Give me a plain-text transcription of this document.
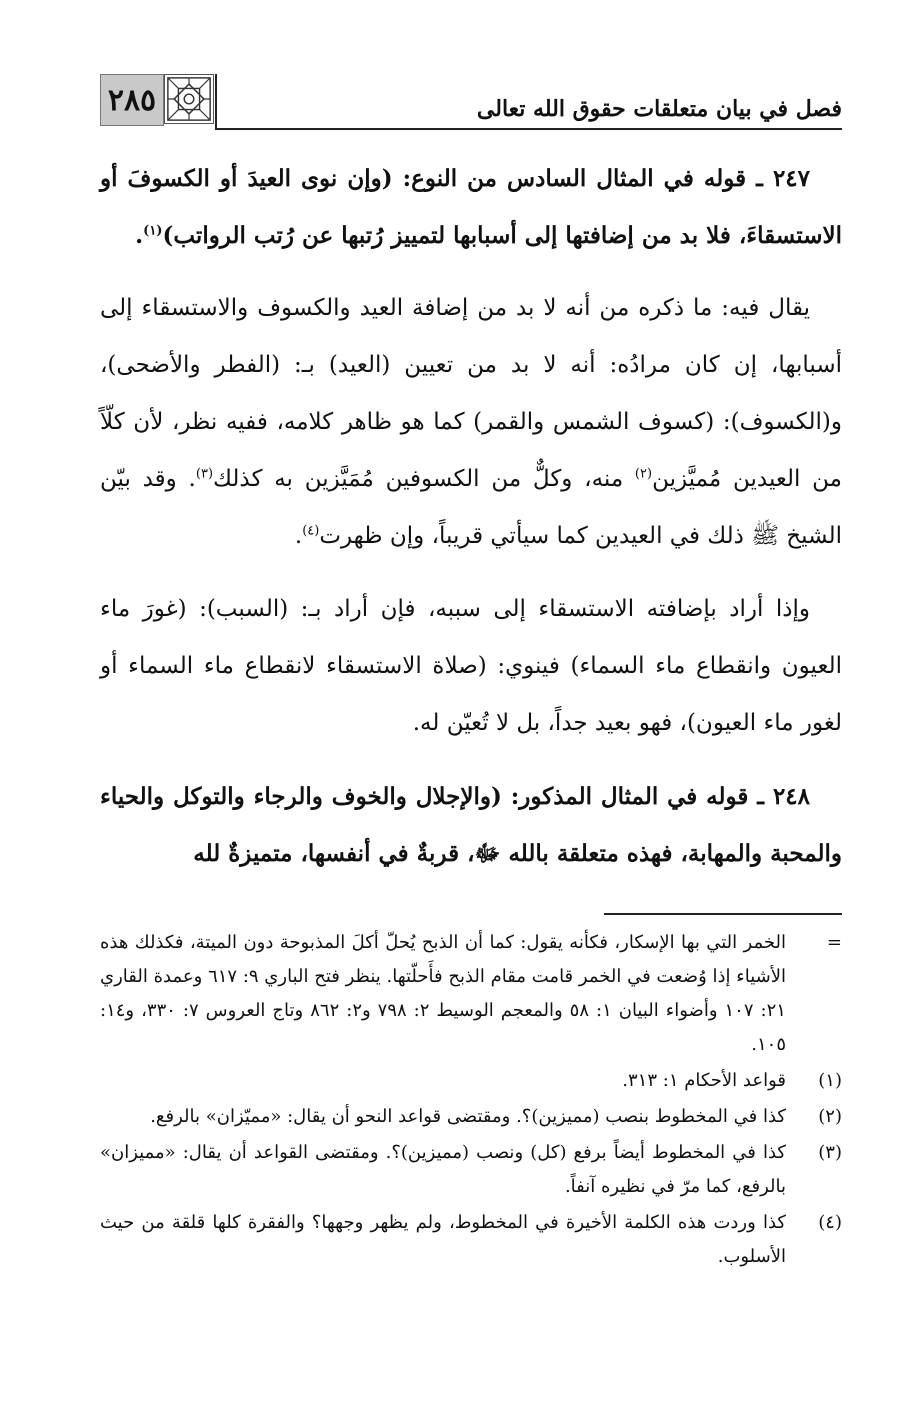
٢٨٥	فصل في بيان متعلقات حقوق الله تعالى

٢٤٧ ـ قوله في المثال السادس من النوع: (وإن نوى العيدَ أو الكسوفَ أو الاستسقاءَ، فلا بد من إضافتها إلى أسبابها لتمييز رُتبها عن رُتب الرواتب)$^{(١)}$.

يقال فيه: ما ذكره من أنه لا بد من إضافة العيد والكسوف والاستسقاء إلى أسبابها، إن كان مرادُه: أنه لا بد من تعيين (العيد) بـ: (الفطر والأضحى)، و(الكسوف): (كسوف الشمس والقمر) كما هو ظاهر كلامه، ففيه نظر، لأن كلّاً من العيدين مُميَّزين$^{(٢)}$ منه، وكلٌّ من الكسوفين مُمَيَّزين به كذلك$^{(٣)}$. وقد بيّن الشيخ ﷺ ذلك في العيدين كما سيأتي قريباً، وإن ظهرت$^{(٤)}$.

وإذا أراد بإضافته الاستسقاء إلى سببه، فإن أراد بـ: (السبب): (غورَ ماء العيون وانقطاع ماء السماء) فينوي: (صلاة الاستسقاء لانقطاع ماء السماء أو لغور ماء العيون)، فهو بعيد جداً، بل لا تُعيّن له.

٢٤٨ ـ قوله في المثال المذكور: (والإجلال والخوف والرجاء والتوكل والحياء والمحبة والمهابة، فهذه متعلقة بالله ﷻ، قربةٌ في أنفسها، متميزةٌ لله

=
الخمر التي بها الإسكار، فكأنه يقول: كما أن الذبح يُحلّ أكلَ المذبوحة دون الميتة، فكذلك هذه الأشياء إذا وُضعت في الخمر قامت مقام الذبح فأَحلّتها. ينظر فتح الباري ٩: ٦١٧ وعمدة القاري ٢١: ١٠٧ وأضواء البيان ١: ٥٨ والمعجم الوسيط ٢: ٧٩٨ و٢: ٨٦٢ وتاج العروس ٧: ٣٣٠، و١٤: ١٠٥.
(١)
قواعد الأحكام ١: ٣١٣.
(٢)
كذا في المخطوط بنصب (مميزين)؟. ومقتضى قواعد النحو أن يقال: «مميّزان» بالرفع.
(٣)
كذا في المخطوط أيضاً برفع (كل) ونصب (مميزين)؟. ومقتضى القواعد أن يقال: «مميزان» بالرفع، كما مرّ في نظيره آنفاً.
(٤)
كذا وردت هذه الكلمة الأخيرة في المخطوط، ولم يظهر وجهها؟ والفقرة كلها قلقة من حيث الأسلوب.
